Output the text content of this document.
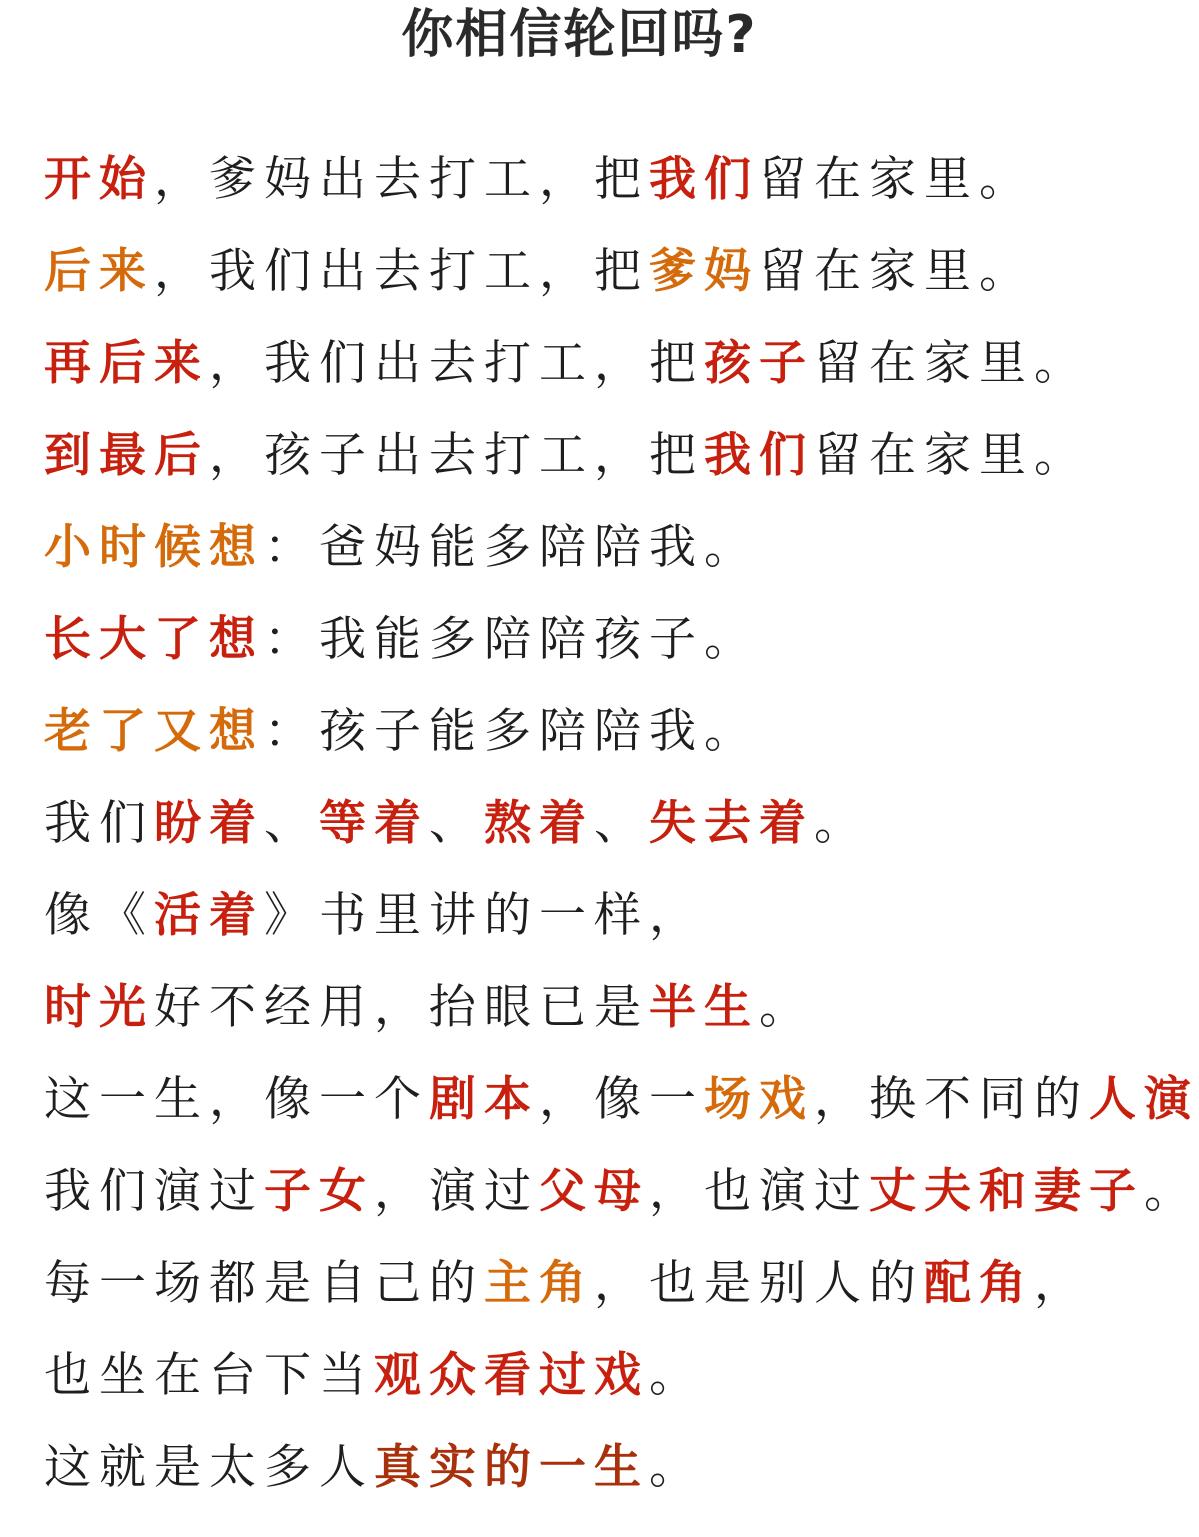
你相信轮回吗?
开始，爹妈出去打工，把我们留在家里。
后来，我们出去打工，把爹妈留在家里。
再后来，我们出去打工，把孩子留在家里。
到最后，孩子出去打工，把我们留在家里。
小时候想：爸妈能多陪陪我。
长大了想：我能多陪陪孩子。
老了又想：孩子能多陪陪我。
我们盼着、等着、熬着、失去着。
像《活着》书里讲的一样，
时光好不经用，抬眼已是半生。
这一生，像一个剧本，像一场戏，换不同的人演
我们演过子女，演过父母，也演过丈夫和妻子。
每一场都是自己的主角，也是别人的配角，
也坐在台下当观众看过戏。
这就是太多人真实的一生。
